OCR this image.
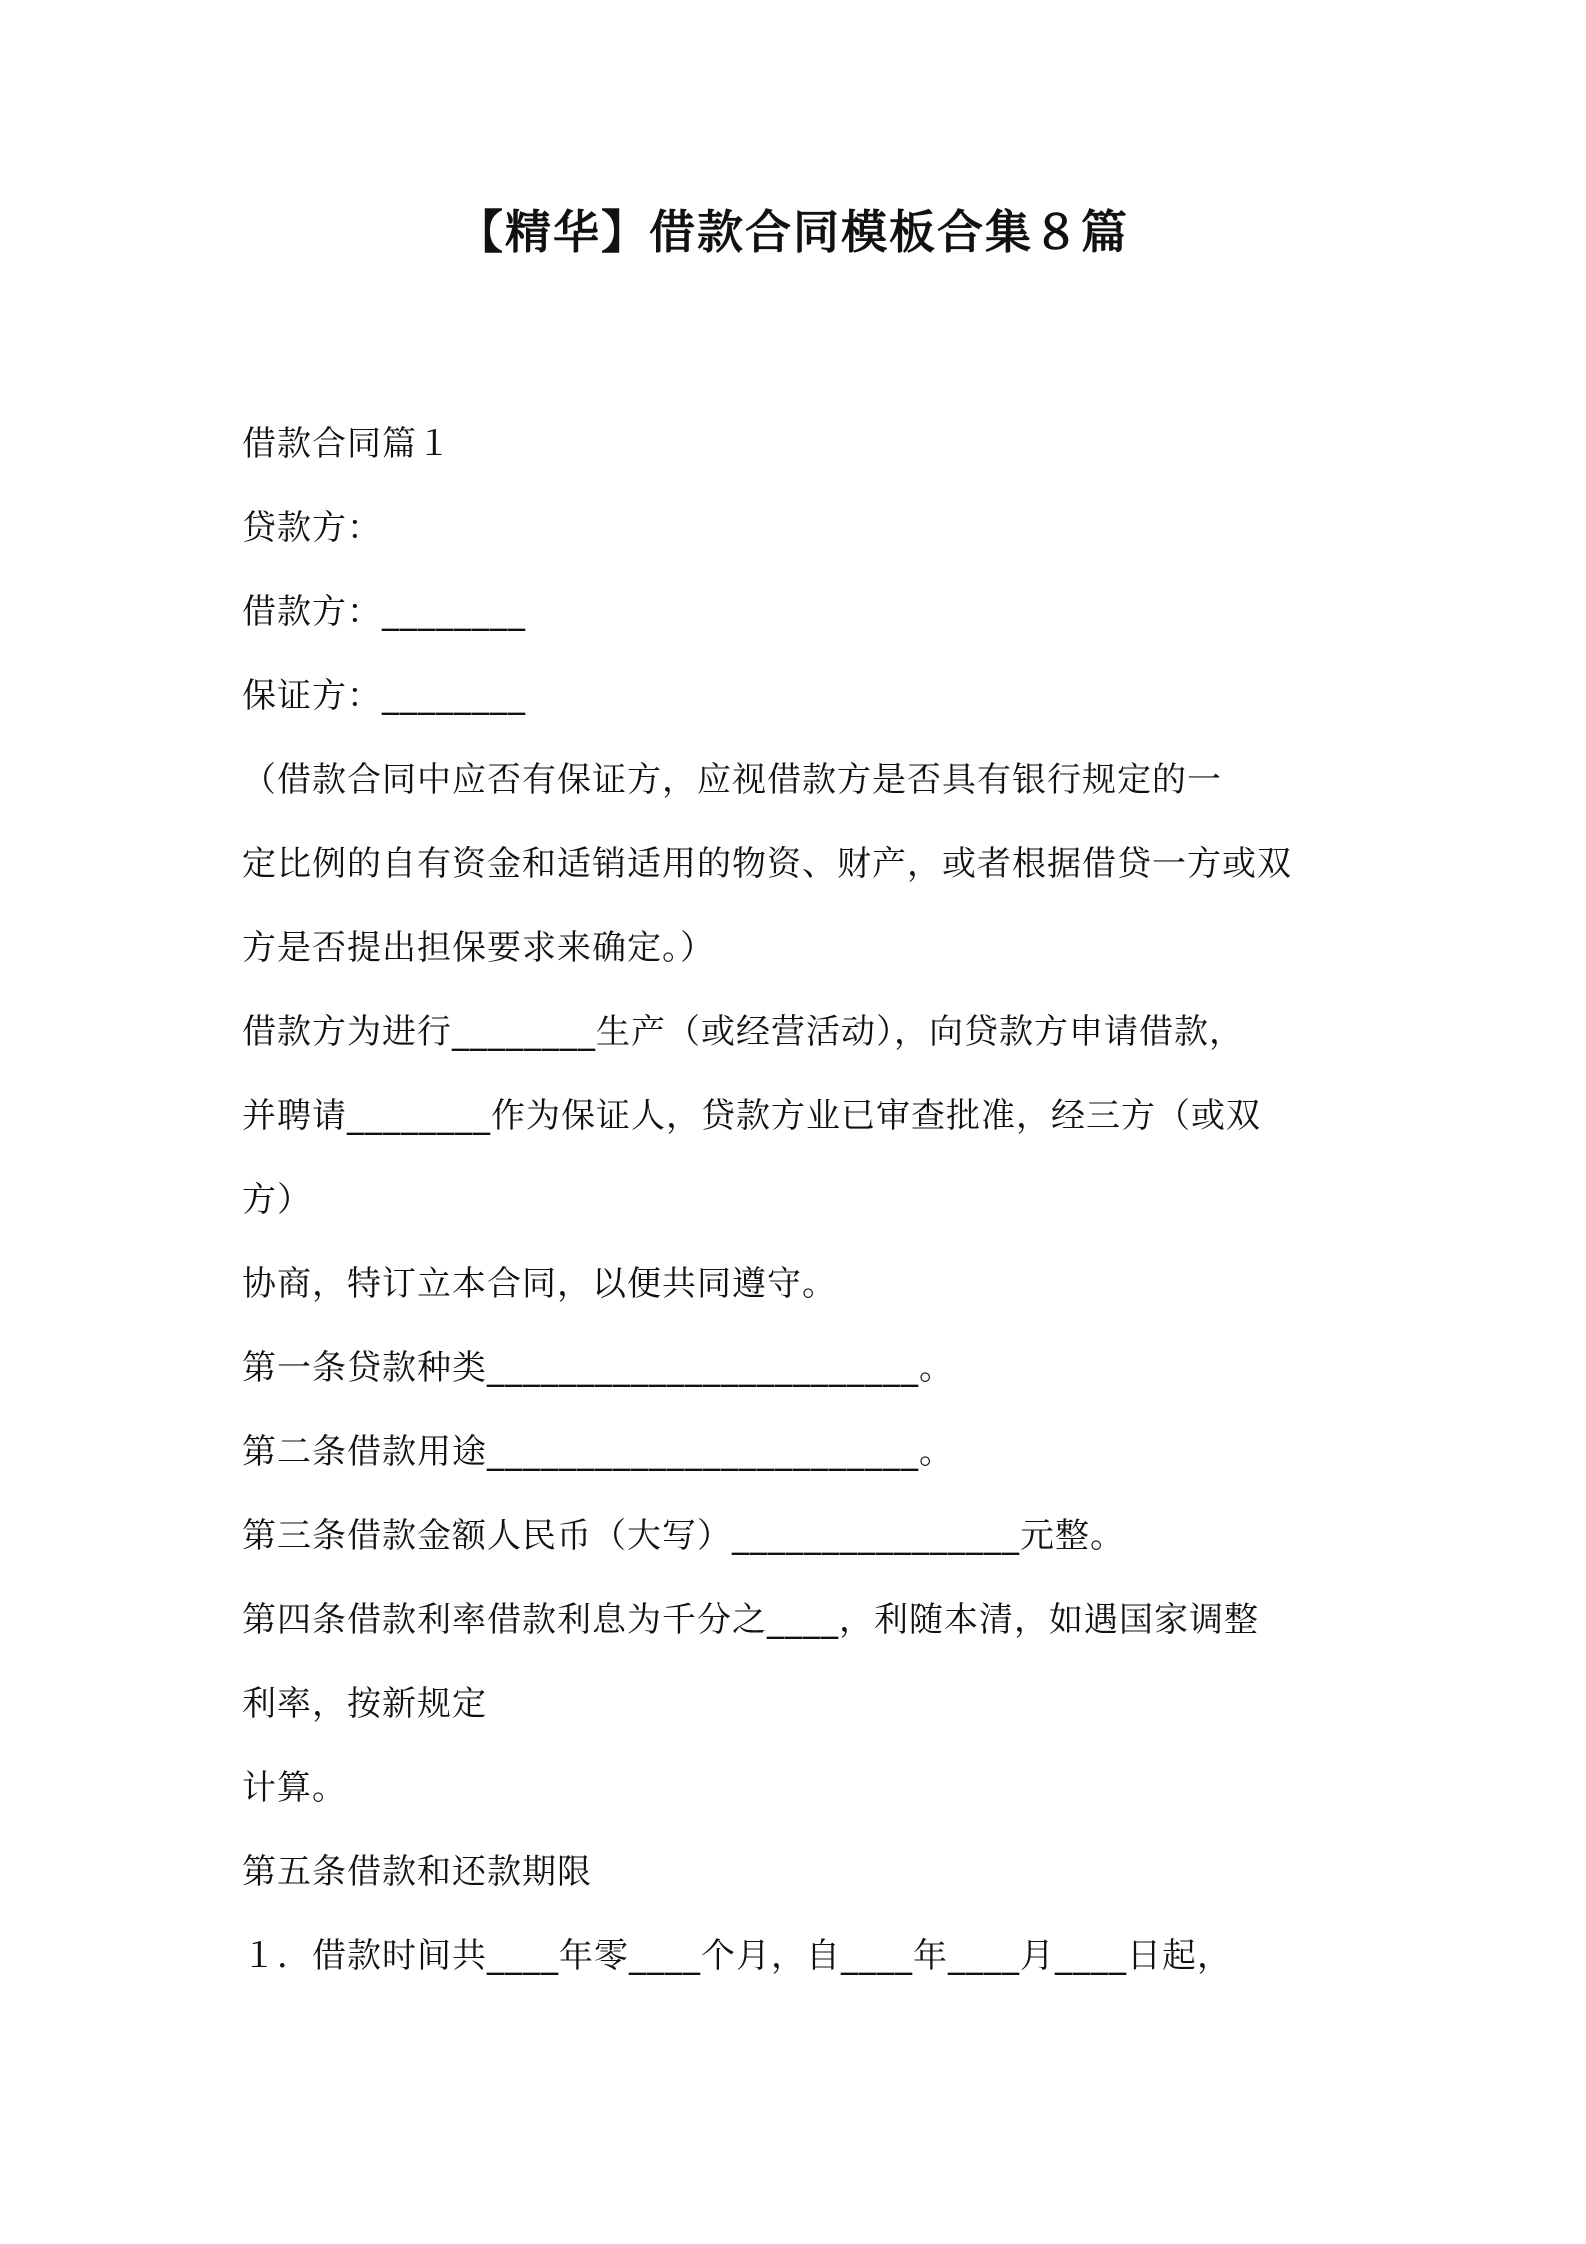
【精华】借款合同模板合集８篇
借款合同篇１
贷款方：
借款方：________
保证方：________
（借款合同中应否有保证方，应视借款方是否具有银行规定的一
定比例的自有资金和适销适用的物资、财产，或者根据借贷一方或双
方是否提出担保要求来确定。）
借款方为进行________生产（或经营活动），向贷款方申请借款，
并聘请________作为保证人，贷款方业已审查批准，经三方（或双
方）
协商，特订立本合同，以便共同遵守。
第一条贷款种类________________________。
第二条借款用途________________________。
第三条借款金额人民币（大写）________________元整。
第四条借款利率借款利息为千分之____，利随本清，如遇国家调整
利率，按新规定
计算。
第五条借款和还款期限
１．借款时间共____年零____个月，自____年____月____日起，
